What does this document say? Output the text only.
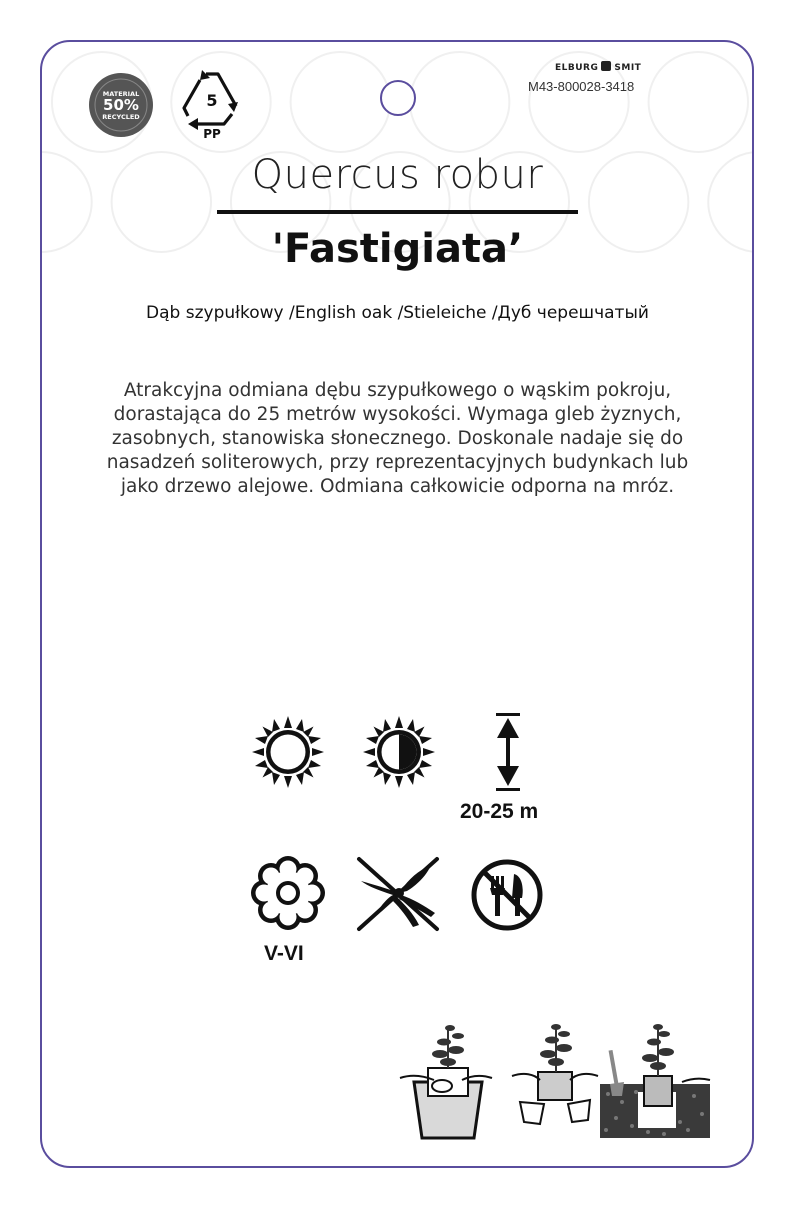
MATERIAL
50%
RECYCLED
5
PP
ELBURG SMIT
M43-800028-3418
Quercus robur
'Fastigiata’
Dąb szypułkowy /English oak /Stieleiche /Дуб черешчатый
Atrakcyjna odmiana dębu szypułkowego o wąskim pokroju,
dorastająca do 25 metrów wysokości. Wymaga gleb żyznych,
zasobnych, stanowiska słonecznego. Doskonale nadaje się do
nasadzeń soliterowych, przy reprezentacyjnych budynkach lub
jako drzewo alejowe. Odmiana całkowicie odporna na mróz.
20-25 m
V-VI
